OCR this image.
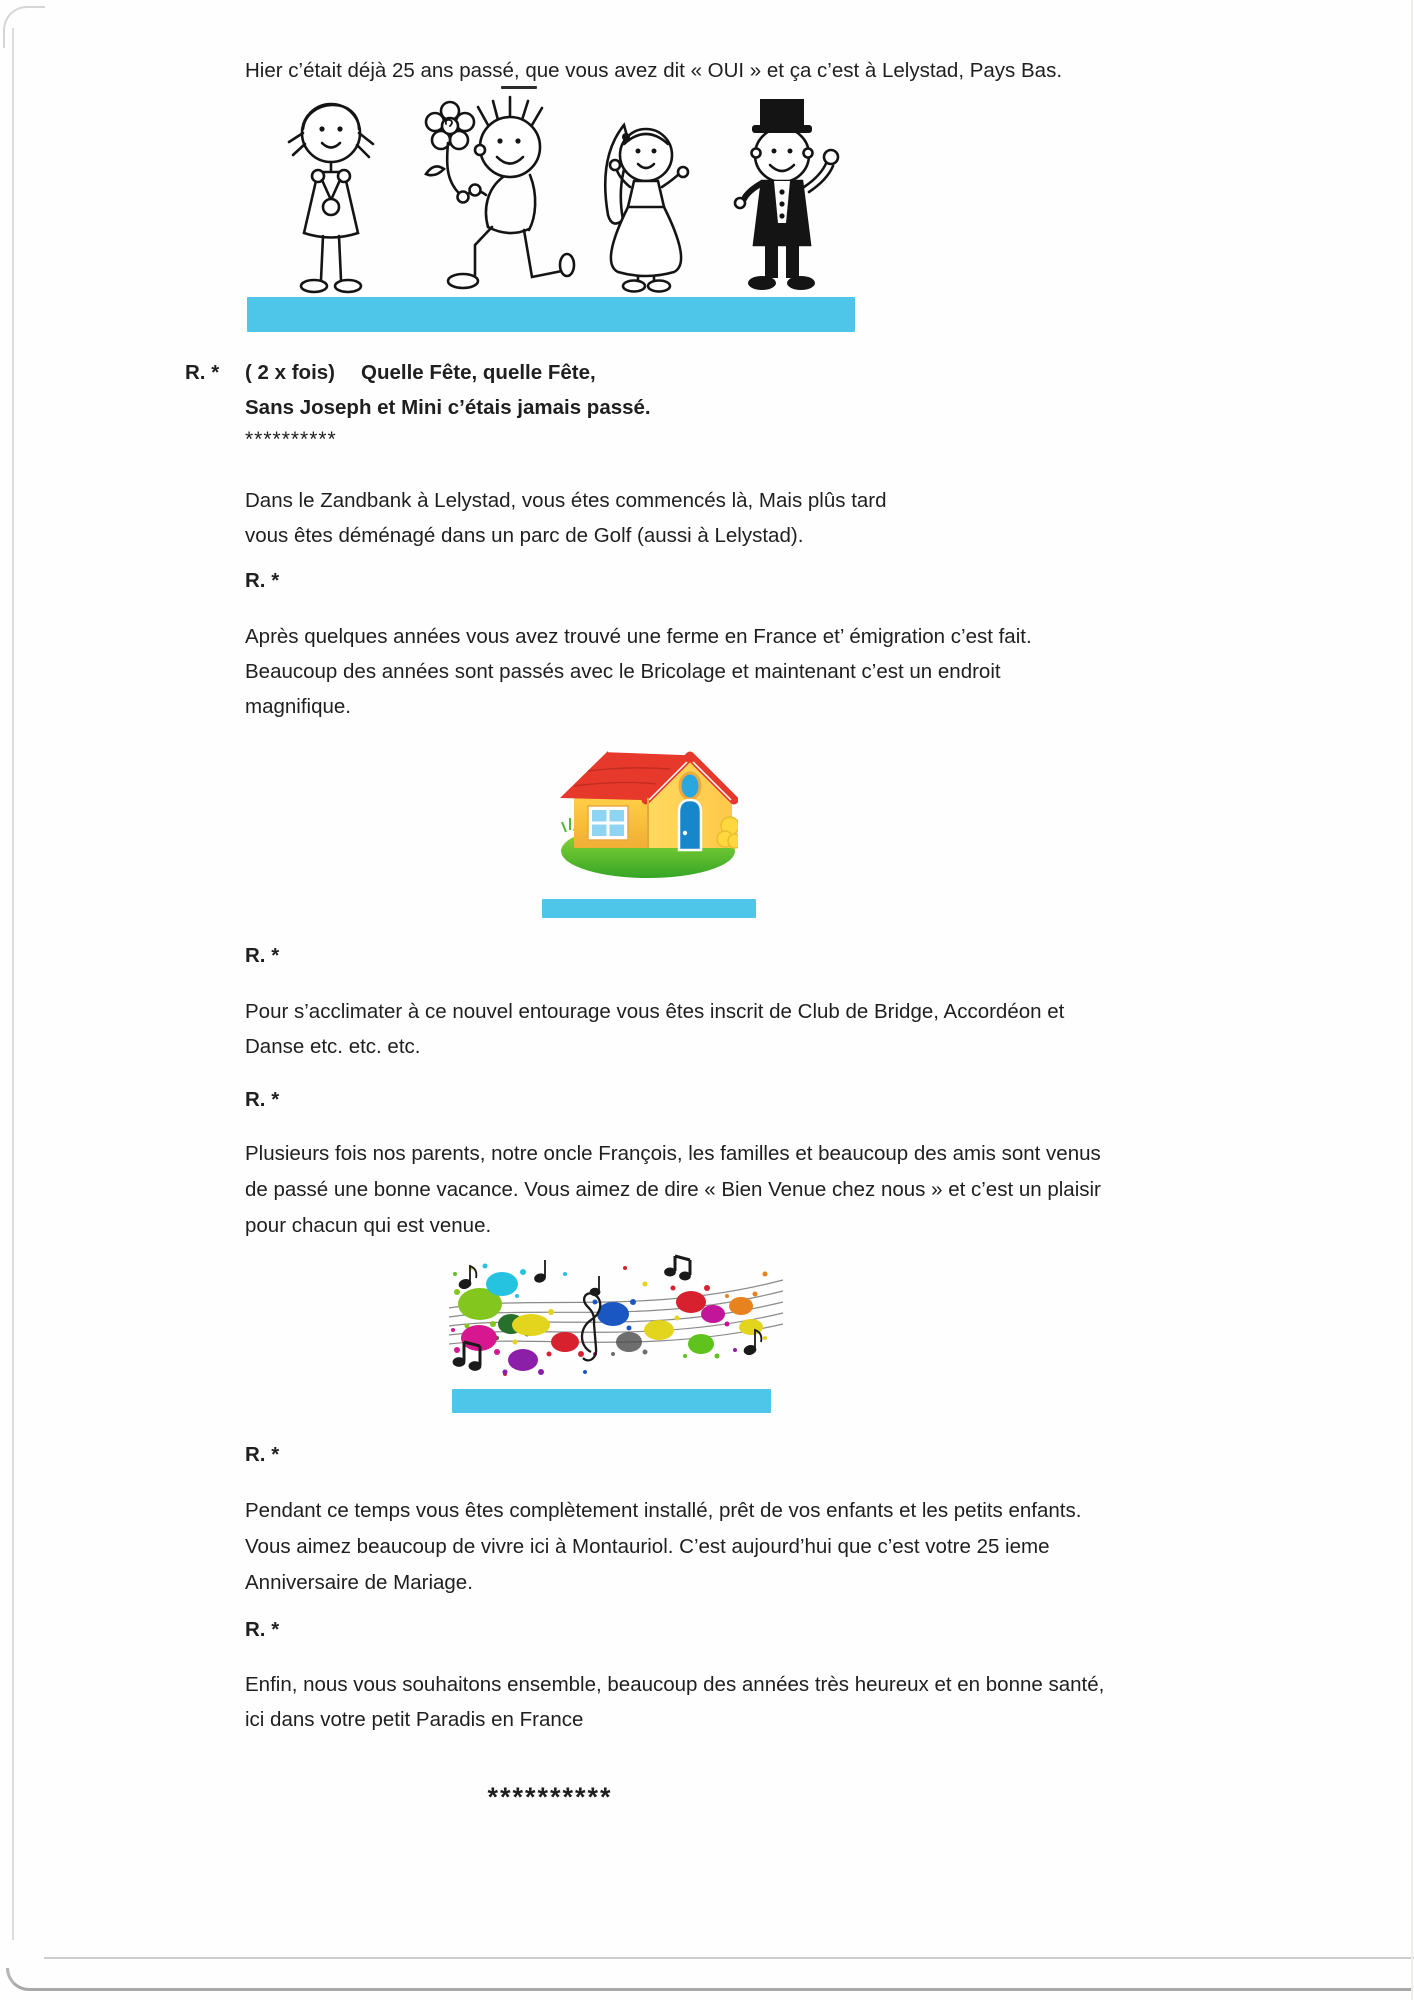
Hier c’était déjà 25 ans passé, que vous avez dit « OUI » et ça c’est à Lelystad, Pays Bas.
R. * ( 2 x fois) Quelle Fête, quelle Fête,
Sans Joseph et Mini c’étais jamais passé.
**********
Dans le Zandbank à Lelystad, vous étes commencés là, Mais plûs tard
vous êtes déménagé dans un parc de Golf (aussi à Lelystad).
R. *
Après quelques années vous avez trouvé une ferme en France et’ émigration c’est fait.
Beaucoup des années sont passés avec le Bricolage et maintenant c’est un endroit
magnifique.
R. *
Pour s’acclimater à ce nouvel entourage vous êtes inscrit de Club de Bridge, Accordéon et
Danse etc. etc. etc.
R. *
Plusieurs fois nos parents, notre oncle François, les familles et beaucoup des amis sont venus
de passé une bonne vacance. Vous aimez de dire « Bien Venue chez nous » et c’est un plaisir
pour chacun qui est venue.
R. *
Pendant ce temps vous êtes complètement installé, prêt de vos enfants et les petits enfants.
Vous aimez beaucoup de vivre ici à Montauriol. C’est aujourd’hui que c’est votre 25 ieme
Anniversaire de Mariage.
R. *
Enfin, nous vous souhaitons ensemble, beaucoup des années très heureux et en bonne santé,
ici dans votre petit Paradis en France
**********
